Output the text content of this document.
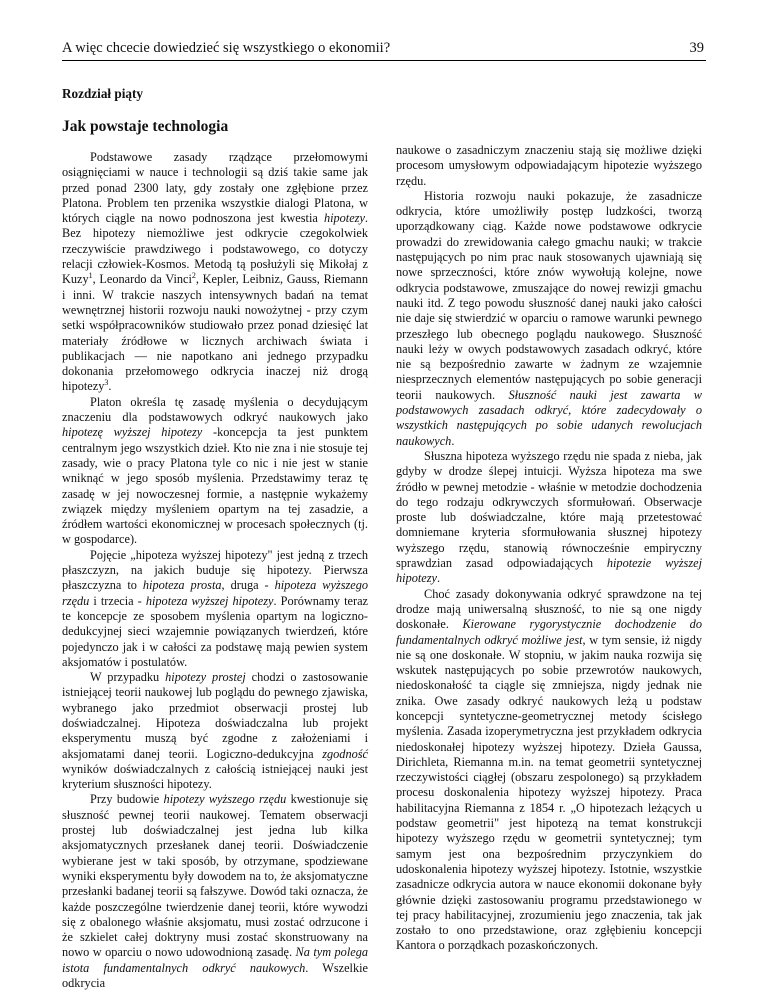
A więc chcecie dowiedzieć się wszystkiego o ekonomii?	39
Rozdział piąty
Jak powstaje technologia

Podstawowe zasady rządzące przełomowymi osiągnięciami w nauce i technologii są dziś takie same jak przed ponad 2300 laty, gdy zostały one zgłębione przez Platona. Problem ten przenika wszystkie dialogi Platona, w których ciągle na nowo podnoszona jest kwestia hipotezy. Bez hipotezy niemożliwe jest odkrycie czegokolwiek rzeczywiście prawdziwego i podstawowego, co dotyczy relacji człowiek-Kosmos. Metodą tą posłużyli się Mikołaj z Kuzy$^1$, Leonardo da Vinci$^2$, Kepler, Leibniz, Gauss, Riemann i inni. W trakcie naszych intensywnych badań na temat wewnętrznej historii rozwoju nauki nowożytnej - przy czym setki współpracowników studiowało przez ponad dziesięć lat materiały źródłowe w licznych archiwach świata i publikacjach — nie napotkano ani jednego przypadku dokonania przełomowego odkrycia inaczej niż drogą hipotezy$^3$.

Platon określa tę zasadę myślenia o decydującym znaczeniu dla podstawowych odkryć naukowych jako hipotezę wyższej hipotezy -koncepcja ta jest punktem centralnym jego wszystkich dzieł. Kto nie zna i nie stosuje tej zasady, wie o pracy Platona tyle co nic i nie jest w stanie wniknąć w jego sposób myślenia. Przedstawimy teraz tę zasadę w jej nowoczesnej formie, a następnie wykażemy związek między myśleniem opartym na tej zasadzie, a źródłem wartości ekonomicznej w procesach społecznych (tj. w gospodarce).

Pojęcie „hipoteza wyższej hipotezy" jest jedną z trzech płaszczyzn, na jakich buduje się hipotezy. Pierwsza płaszczyzna to hipoteza prosta, druga - hipoteza wyższego rzędu i trzecia - hipoteza wyższej hipotezy. Porównamy teraz te koncepcje ze sposobem myślenia opartym na logiczno-dedukcyjnej sieci wzajemnie powiązanych twierdzeń, które pojedynczo jak i w całości za podstawę mają pewien system aksjomatów i postulatów.

W przypadku hipotezy prostej chodzi o zastosowanie istniejącej teorii naukowej lub poglądu do pewnego zjawiska, wybranego jako przedmiot obserwacji prostej lub doświadczalnej. Hipoteza doświadczalna lub projekt eksperymentu muszą być zgodne z założeniami i aksjomatami danej teorii. Logiczno-dedukcyjna zgodność wyników doświadczalnych z całością istniejącej nauki jest kryterium słuszności hipotezy.

Przy budowie hipotezy wyższego rzędu kwestionuje się słuszność pewnej teorii naukowej. Tematem obserwacji prostej lub doświadczalnej jest jedna lub kilka aksjomatycznych przesłanek danej teorii. Doświadczenie wybierane jest w taki sposób, by otrzymane, spodziewane wyniki eksperymentu były dowodem na to, że aksjomatyczne przesłanki badanej teorii są fałszywe. Dowód taki oznacza, że każde poszczególne twierdzenie danej teorii, które wywodzi się z obalonego właśnie aksjomatu, musi zostać odrzucone i że szkielet całej doktryny musi zostać skonstruowany na nowo w oparciu o nowo udowodnioną zasadę. Na tym polega istota fundamentalnych odkryć naukowych. Wszelkie odkrycia

naukowe o zasadniczym znaczeniu stają się możliwe dzięki procesom umysłowym odpowiadającym hipotezie wyższego rzędu.

Historia rozwoju nauki pokazuje, że zasadnicze odkrycia, które umożliwiły postęp ludzkości, tworzą uporządkowany ciąg. Każde nowe podstawowe odkrycie prowadzi do zrewidowania całego gmachu nauki; w trakcie następujących po nim prac nauk stosowanych ujawniają się nowe sprzeczności, które znów wywołują kolejne, nowe odkrycia podstawowe, zmuszające do nowej rewizji gmachu nauki itd. Z tego powodu słuszność danej nauki jako całości nie daje się stwierdzić w oparciu o ramowe warunki pewnego przeszłego lub obecnego poglądu naukowego. Słuszność nauki leży w owych podstawowych zasadach odkryć, które nie są bezpośrednio zawarte w żadnym ze wzajemnie niesprzecznych elementów następujących po sobie generacji teorii naukowych. Słuszność nauki jest zawarta w podstawowych zasadach odkryć, które zadecydowały o wszystkich następujących po sobie udanych rewolucjach naukowych.

Słuszna hipoteza wyższego rzędu nie spada z nieba, jak gdyby w drodze ślepej intuicji. Wyższa hipoteza ma swe źródło w pewnej metodzie - właśnie w metodzie dochodzenia do tego rodzaju odkrywczych sformułowań. Obserwacje proste lub doświadczalne, które mają przetestować domniemane kryteria sformułowania słusznej hipotezy wyższego rzędu, stanowią równocześnie empiryczny sprawdzian zasad odpowiadających hipotezie wyższej hipotezy.

Choć zasady dokonywania odkryć sprawdzone na tej drodze mają uniwersalną słuszność, to nie są one nigdy doskonałe. Kierowane rygorystycznie dochodzenie do fundamentalnych odkryć możliwe jest, w tym sensie, iż nigdy nie są one doskonałe. W stopniu, w jakim nauka rozwija się wskutek następujących po sobie przewrotów naukowych, niedoskonałość ta ciągle się zmniejsza, nigdy jednak nie znika. Owe zasady odkryć naukowych leżą u podstaw koncepcji syntetyczne-geometrycznej metody ścisłego myślenia. Zasada izoperymetryczna jest przykładem odkrycia niedoskonałej hipotezy wyższej hipotezy. Dzieła Gaussa, Dirichleta, Riemanna m.in. na temat geometrii syntetycznej rzeczywistości ciągłej (obszaru zespolonego) są przykładem procesu doskonalenia hipotezy wyższej hipotezy. Praca habilitacyjna Riemanna z 1854 r. „O hipotezach leżących u podstaw geometrii" jest hipotezą na temat konstrukcji hipotezy wyższego rzędu w geometrii syntetycznej; tym samym jest ona bezpośrednim przyczynkiem do udoskonalenia hipotezy wyższej hipotezy. Istotnie, wszystkie zasadnicze odkrycia autora w nauce ekonomii dokonane były głównie dzięki zastosowaniu programu przedstawionego w tej pracy habilitacyjnej, zrozumieniu jego znaczenia, tak jak zostało to ono przedstawione, oraz zgłębieniu koncepcji Kantora o porządkach pozaskończonych.
